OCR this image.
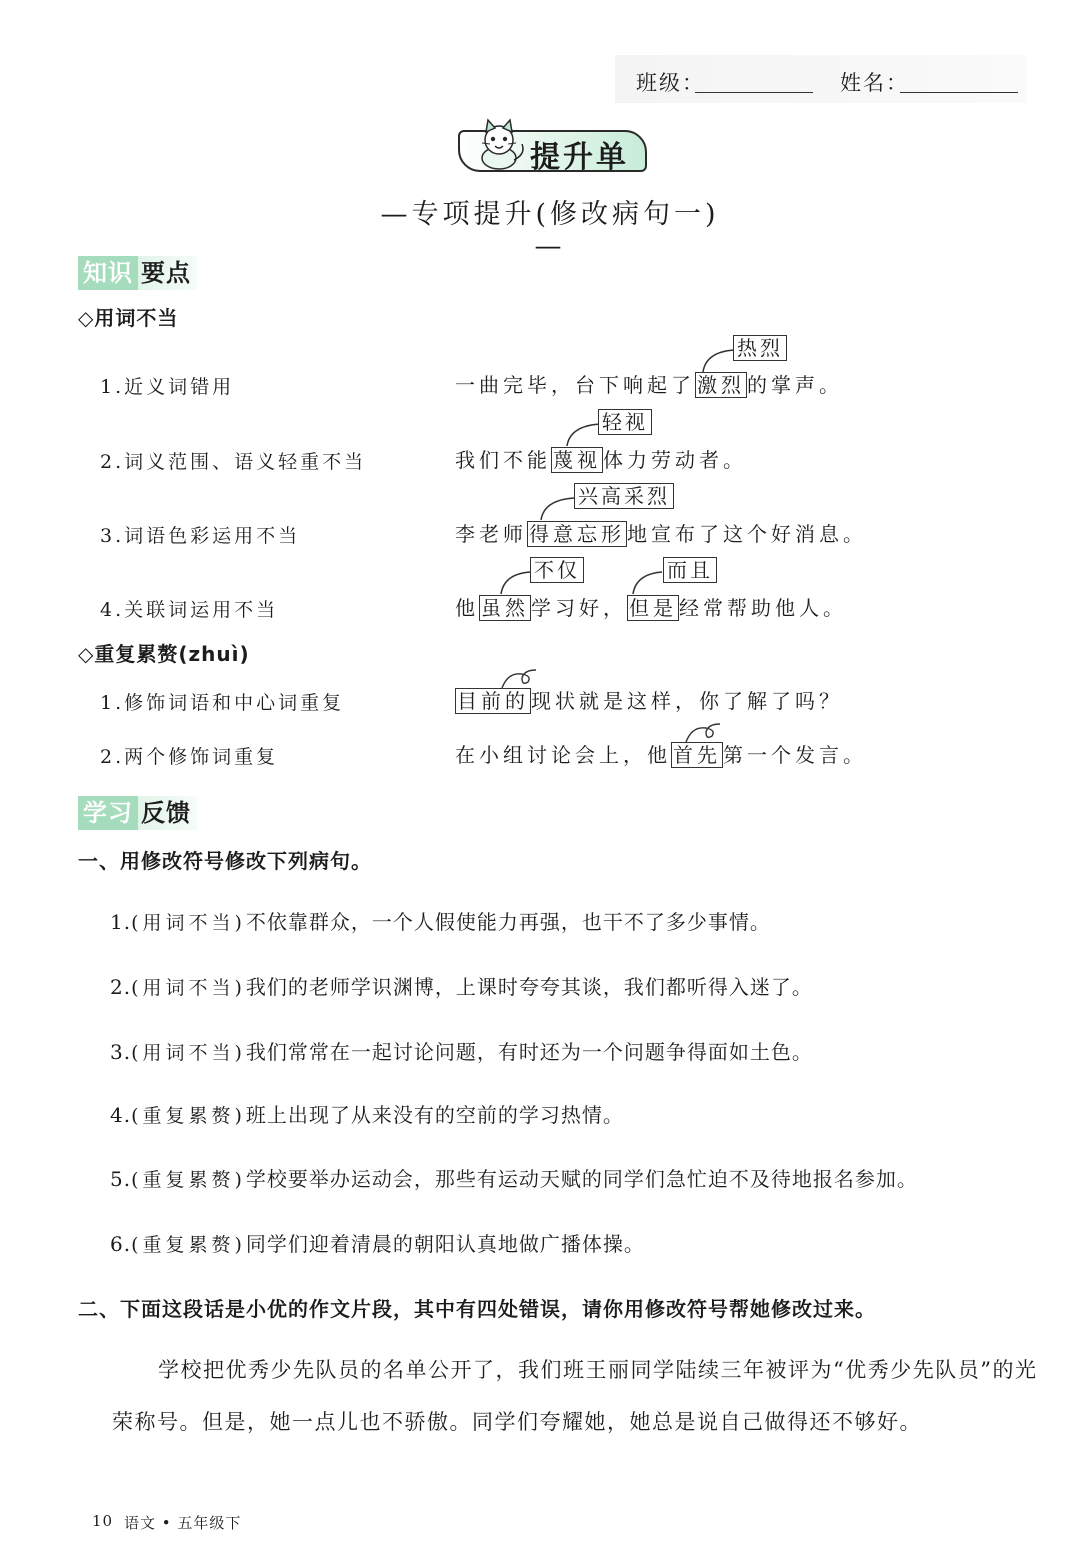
班级：	姓名：
提升单
—专项提升(修改病句一)—
知识 要点
◇用词不当
1.近义词错用	一曲完毕，台下响起了 激烈 的掌声。
热烈
2.词义范围、语义轻重不当	我们不能 蔑视 体力劳动者。
轻视
3.词语色彩运用不当	李老师 得意忘形 地宣布了这个好消息。
兴高采烈
4.关联词运用不当	他 虽然 学习好， 但是 经常帮助他人。
不仅	而且
◇重复累赘(zhuì)
1.修饰词语和中心词重复	目前的 现状就是这样，你了解了吗？
2.两个修饰词重复	在小组讨论会上，他 首先 第一个发言。
学习 反馈
一、用修改符号修改下列病句。
1.(用词不当)不依靠群众，一个人假使能力再强，也干不了多少事情。
2.(用词不当)我们的老师学识渊博，上课时夸夸其谈，我们都听得入迷了。
3.(用词不当)我们常常在一起讨论问题，有时还为一个问题争得面如土色。
4.(重复累赘)班上出现了从来没有的空前的学习热情。
5.(重复累赘)学校要举办运动会，那些有运动天赋的同学们急忙迫不及待地报名参加。
6.(重复累赘)同学们迎着清晨的朝阳认真地做广播体操。
二、下面这段话是小优的作文片段，其中有四处错误，请你用修改符号帮她修改过来。
学校把优秀少先队员的名单公开了，我们班王丽同学陆续三年被评为“优秀少先队员”的光
荣称号。但是，她一点儿也不骄傲。同学们夸耀她，她总是说自己做得还不够好。
10 语文 • 五年级下
